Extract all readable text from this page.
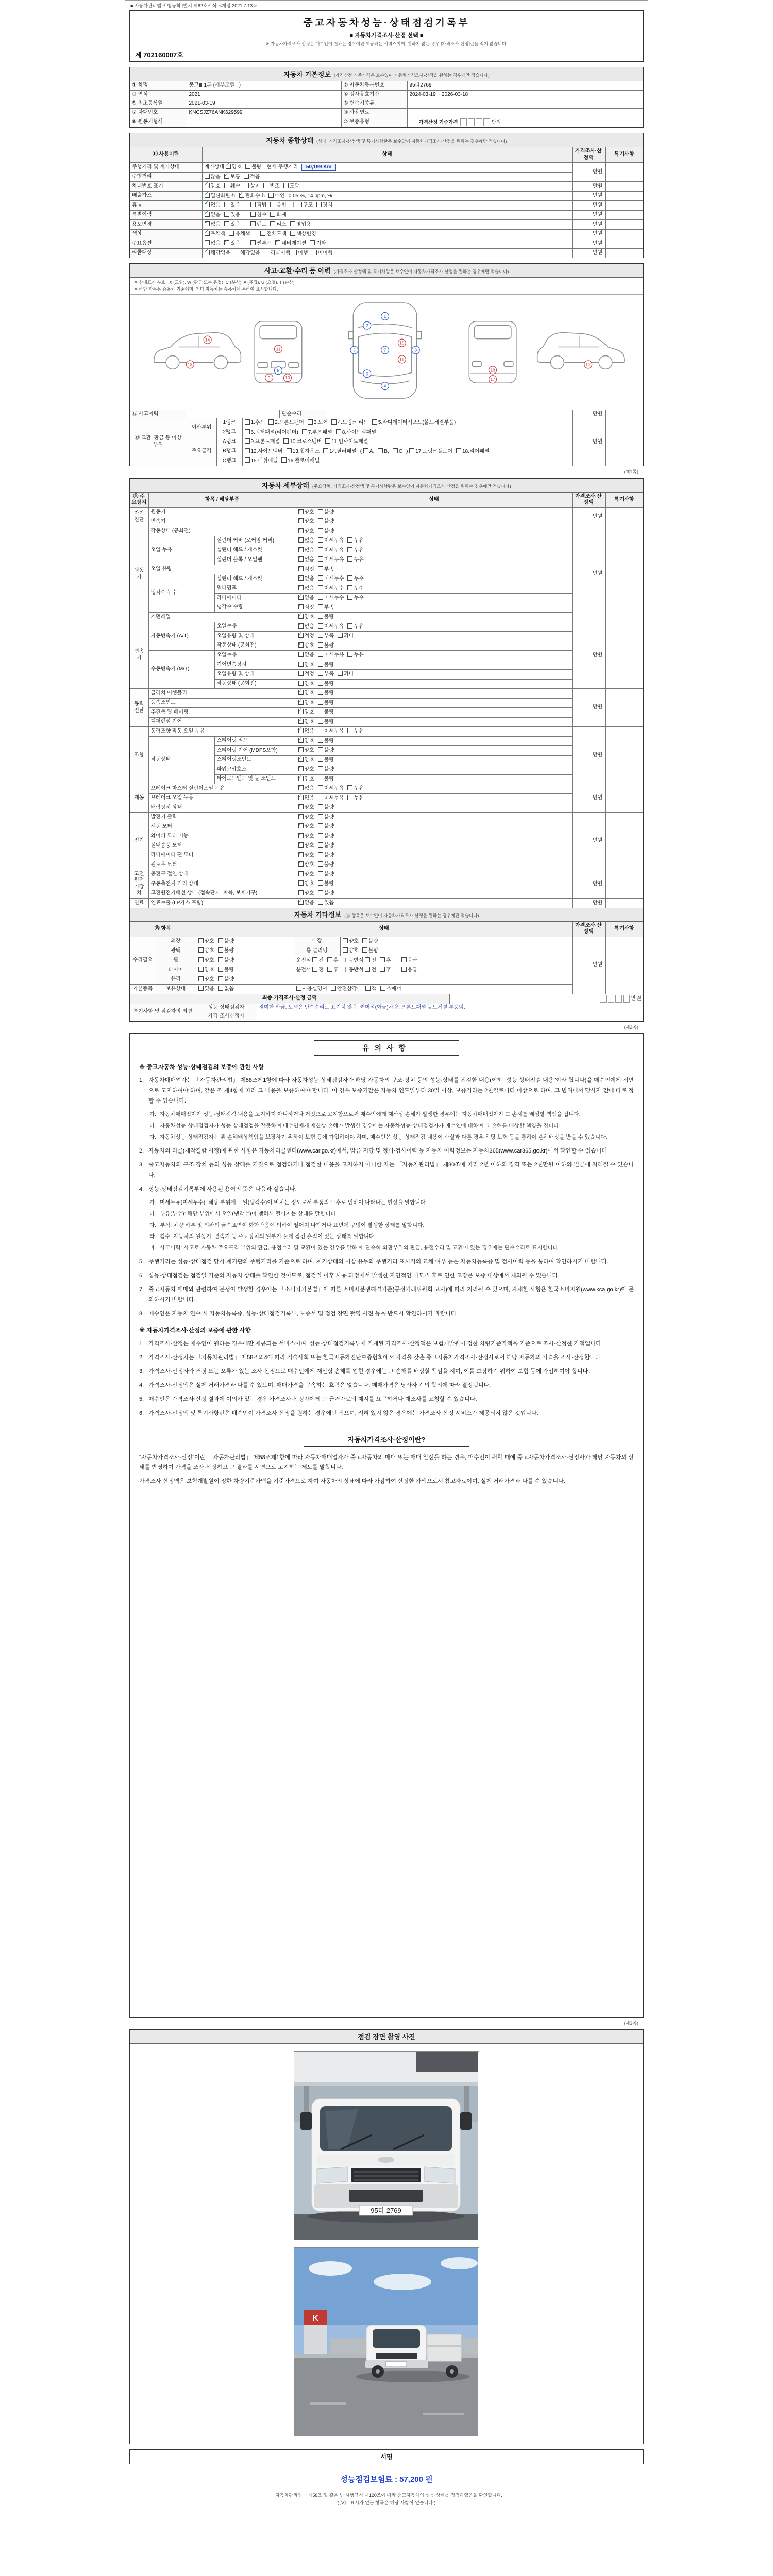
■ 자동차관리법 시행규칙 [별지 제82호서식] <개정 2021.7.13.>
중고자동차성능·상태점검기록부
■ 자동차가격조사·산정 선택 ■
※ 자동차가격조사·산정은 매수인이 원하는 경우에만 제공하는 서비스이며, 원하지 않는 경우 [가격조사·산정]란을 적지 않습니다.
제 702160007호
자동차 기본정보 (가격산정 기준가격은 보수없이 자동차가격조사·산정을 원하는 경우에만 적습니다)
① 차명	봉고Ⅲ 1톤 (세부모델 : )	② 자동차등록번호	95타2769
③ 연식	2021	④ 검사유효기간	2024-03-19 ~ 2026-03-18
⑤ 최초등록일	2021-03-19	⑥ 변속기종류	
⑦ 차대번호	KNCSJZ76ANK629599	⑧ 사용연료	
⑨ 원동기형식		⑩ 보증유형	가격산정 기준가격 만원
자동차 종합상태 (상태, 가격조사·산정액 및 특기사항란은 보수없이 자동차가격조사·산정을 원하는 경우에만 적습니다)
⑪ 사용이력	상태	가격조사·산정액	특기사항
주행거리 및 계기상태	계기상태 ✓ 양호 불량 현재 주행거리 50,199 Km	만원	
주행거리	많음 ✓ 보통 적음
차대번호 표기	✓양호 훼손 상이 변조 도말	만원	
배출가스	✓일산화탄소 ✓ 탄화수소 매연 0.05 %, 14 ppm, %	만원	
튜닝	✓없음 있음 적법 불법 구조 장치	만원	
특별이력	✓없음 있음 침수 화재	만원	
용도변경	✓없음 있음 렌트 리스 영업용	만원	
색상	✓무채색 유채색 전체도색 색상변경	만원	
주요옵션	없음 ✓ 있음 썬루프 ✓ 네비게이션 기타	만원	
리콜대상	✓해당없음 해당있음 리콜이행 이행 미이행	만원	
사고·교환·수리 등 이력 (가격조사·산정액 및 특기사항은 보수없이 자동차가격조사·산정을 원하는 경우에만 적습니다)
※ 상태표시 부호 : X (교환), W (판금 또는 용접), C (부식), A (흠집), U (요철), T (손상)
※ 하단 항목은 승용차 기준이며, 기타 자동차는 승용차에 준하여 표시합니다.
1
2
3
4
5
6
7	8
9	10
11
12
13
14
15
16
17
18
⑫ 사고이력		단순수리		만원	
⑬ 교환, 판금 등 이상 부위	외판부위	1랭크	1.후드 2.프론트펜더 3.도어 4.트렁크 리드 5.라디에이터서포트(볼트체결부품)	만원	
		2랭크	6.쿼터패널(리어펜더) 7.루프패널 8.사이드실패널		
	주요골격	A랭크	9.프론트패널 10.크로스멤버 11.인사이드패널		
		B랭크	12.사이드멤버 13.휠하우스 14.필러패널 ( A, B, C ) 17.트렁크플로어 18.리어패널		
		C랭크	15.대쉬패널 16.플로어패널		
(제1쪽)
자동차 세부상태 (주요장치, 가격조사·산정액 및 특기사항란은 보수없이 자동차가격조사·산정을 원하는 경우에만 적습니다)
⑭ 주요장치	항목 / 해당부품		상태	가격조사·산정액	특기사항
자기진단	원동기	✓양호 불량	만원	
	변속기	✓양호 불량
원동기	작동상태 (공회전)	✓양호 불량	만원	
	오일 누유	실린더 커버 (로커암 커버)	✓없음 미세누유 누유
		실린더 헤드 / 개스킷	✓없음 미세누유 누유
		실린더 블록 / 오일팬	✓없음 미세누유 누유
	오일 유량	✓적정 부족
	냉각수 누수	실린더 헤드 / 개스킷	✓없음 미세누수 누수
		워터펌프	✓없음 미세누수 누수
		라디에이터	✓없음 미세누수 누수
		냉각수 수량	✓적정 부족
	커먼레일	✓양호 불량
변속기	자동변속기 (A/T)	오일누유	✓없음 미세누유 누유	만원	
		오일유량 및 상태	✓적정 부족 과다
		작동상태 (공회전)	✓양호 불량
	수동변속기 (M/T)	오일누유	없음 미세누유 누유		
		기어변속장치	양호 불량		
		오일유량 및 상태	적정 부족 과다		
		작동상태 (공회전)	양호 불량		
동력전달	클러치 어셈블리	✓양호 불량	만원	
	등속조인트	✓양호 불량
	추진축 및 베어링	✓양호 불량
	디퍼렌셜 기어	✓양호 불량
조향	동력조향 작동 오일 누유	✓없음 미세누유 누유	만원	
	작동상태	스티어링 펌프	✓양호 불량
		스티어링 기어 (MDPS포함)	✓양호 불량
		스티어링조인트	✓양호 불량
		파워고압호스	✓양호 불량
		타이로드엔드 및 볼 조인트	✓양호 불량
제동	브레이크 마스터 실린더오일 누유	✓없음 미세누유 누유	만원	
	브레이크 오일 누유	✓없음 미세누유 누유
	배력장치 상태	✓양호 불량
전기	발전기 출력	✓양호 불량	만원	
	시동 모터	✓양호 불량
	와이퍼 모터 기능	✓양호 불량
	실내송풍 모터	✓양호 불량
	라디에이터 팬 모터	✓양호 불량
	윈도우 모터	✓양호 불량
고전원전기장치	충전구 절연 상태		양호 불량	만원	
	구동축전지 격리 상태		양호 불량		
	고전원전기배선 상태 (접속단자, 피복, 보호기구)		양호 불량		
연료	연료누출 (LP가스 포함)	✓없음 있음	만원	
자동차 기타정보 (⑮ 항목은 보수없이 자동차가격조사·산정을 원하는 경우에만 적습니다)
⑮ 항목		상태			가격조사·산정액	특기사항
수리필요	외장	양호 불량	내장	양호 불량	만원	
	광택	양호 불량	룸 클리닝	양호 불량		
	휠	양호 불량	운전석 전 후 동반석 전 후 응급			
	타이어	양호 불량	운전석 전 후 동반석 전 후 응급			
	유리	양호 불량				
기본품목	보유상태	있음 없음	사용설명서 안전삼각대 잭 스패너			
최종 가격조사·산정 금액	만원
특기사항 및 점검자의 의견	성능·상태점검자	경미한 판금, 도색은 단순수리로 표기치 않음. 커머셜(화물)차량. 프론트패널 볼트체결 부품임.
	가격·조사산정자	
(제2쪽)
유의사항
※ 중고자동차 성능·상태점검의 보증에 관한 사항
1. 자동차매매업자는 「자동차관리법」 제58조제1항에 따라 자동차성능·상태점검자가 해당 자동차의 구조·장치 등의 성능·상태를 점검한 내용(이하 "성능·상태점검 내용"이라 합니다)을 매수인에게 서면으로 고지하여야 하며, 같은 조 제4항에 따라 그 내용을 보증하여야 합니다. 이 경우 보증기간은 자동차 인도일부터 30일 이상, 보증거리는 2천킬로미터 이상으로 하며, 그 범위에서 당사자 간에 따로 정할 수 있습니다.
가. 자동차매매업자가 성능·상태점검 내용을 고지하지 아니하거나 거짓으로 고지함으로써 매수인에게 재산상 손해가 발생한 경우에는 자동차매매업자가 그 손해를 배상할 책임을 집니다.
나. 자동차성능·상태점검자가 성능·상태점검을 잘못하여 매수인에게 재산상 손해가 발생한 경우에는 자동차성능·상태점검자가 매수인에 대하여 그 손해를 배상할 책임을 집니다.
다. 자동차성능·상태점검자는 위 손해배상책임을 보장하기 위하여 보험 등에 가입하여야 하며, 매수인은 성능·상태점검 내용이 사실과 다른 경우 해당 보험 등을 통하여 손해배상을 받을 수 있습니다.
2. 자동차의 리콜(제작결함 시정)에 관한 사항은 자동차리콜센터(www.car.go.kr)에서, 압류·저당 및 정비·검사이력 등 자동차 이력정보는 자동차365(www.car365.go.kr)에서 확인할 수 있습니다.
3. 중고자동차의 구조·장치 등의 성능·상태를 거짓으로 점검하거나 점검한 내용을 고지하지 아니한 자는 「자동차관리법」 제80조에 따라 2년 이하의 징역 또는 2천만원 이하의 벌금에 처해질 수 있습니다.
4. 성능·상태점검기록부에 사용된 용어의 뜻은 다음과 같습니다.
가. 미세누유(미세누수): 해당 부위에 오일(냉각수)이 비치는 정도로서 부품의 노후로 인하여 나타나는 현상을 말합니다.
나. 누유(누수): 해당 부위에서 오일(냉각수)이 맺혀서 떨어지는 상태를 말합니다.
다. 부식: 차량 하부 및 외판의 금속표면이 화학반응에 의하여 떨어져 나가거나 표면에 구멍이 발생한 상태를 말합니다.
라. 침수: 자동차의 원동기, 변속기 등 주요장치의 일부가 물에 잠긴 흔적이 있는 상태를 말합니다.
마. 사고이력: 사고로 자동차 주요골격 부위의 판금, 용접수리 및 교환이 있는 경우를 말하며, 단순히 외판부위의 판금, 용접수리 및 교환이 있는 경우에는 단순수리로 표시합니다.
5. 주행거리는 성능·상태점검 당시 계기판의 주행거리를 기준으로 하며, 계기상태의 이상 유무와 주행거리 표시기의 교체 여부 등은 자동차등록증 및 검사이력 등을 통하여 확인하시기 바랍니다.
6. 성능·상태점검은 점검일 기준의 자동차 상태를 확인한 것이므로, 점검일 이후 사용 과정에서 발생한 자연적인 마모·노후로 인한 고장은 보증 대상에서 제외될 수 있습니다.
7. 중고자동차 매매와 관련하여 분쟁이 발생한 경우에는 「소비자기본법」에 따른 소비자분쟁해결기준(공정거래위원회 고시)에 따라 처리될 수 있으며, 자세한 사항은 한국소비자원(www.kca.go.kr)에 문의하시기 바랍니다.
8. 매수인은 자동차 인수 시 자동차등록증, 성능·상태점검기록부, 보증서 및 점검 장면 촬영 사진 등을 반드시 확인하시기 바랍니다.
※ 자동차가격조사·산정의 보증에 관한 사항
1. 가격조사·산정은 매수인이 원하는 경우에만 제공되는 서비스이며, 성능·상태점검기록부에 기재된 가격조사·산정액은 보험개발원이 정한 차량기준가액을 기준으로 조사·산정한 가액입니다.
2. 가격조사·산정자는 「자동차관리법」 제58조의4에 따라 기술사회 또는 한국자동차진단보증협회에서 자격을 갖춘 중고자동차가격조사·산정사로서 해당 자동차의 가격을 조사·산정합니다.
3. 가격조사·산정자가 거짓 또는 오류가 있는 조사·산정으로 매수인에게 재산상 손해를 입힌 경우에는 그 손해를 배상할 책임을 지며, 이를 보장하기 위하여 보험 등에 가입하여야 합니다.
4. 가격조사·산정액은 실제 거래가격과 다를 수 있으며, 매매가격을 구속하는 효력은 없습니다. 매매가격은 당사자 간의 합의에 따라 결정됩니다.
5. 매수인은 가격조사·산정 결과에 이의가 있는 경우 가격조사·산정자에게 그 근거자료의 제시를 요구하거나 재조사를 요청할 수 있습니다.
6. 가격조사·산정액 및 특기사항란은 매수인이 가격조사·산정을 원하는 경우에만 적으며, 적혀 있지 않은 경우에는 가격조사·산정 서비스가 제공되지 않은 것입니다.
자동차가격조사·산정이란?

"자동차가격조사·산정"이란 「자동차관리법」 제58조제1항에 따라 자동차매매업자가 중고자동차의 매매 또는 매매 알선을 하는 경우, 매수인이 원할 때에 중고자동차가격조사·산정사가 해당 자동차의 상태를 반영하여 가격을 조사·산정하고 그 결과를 서면으로 고지하는 제도를 말합니다.

가격조사·산정액은 보험개발원이 정한 차량기준가액을 기준가격으로 하여 자동차의 상태에 따라 가감하여 산정한 가액으로서 참고자료이며, 실제 거래가격과 다를 수 있습니다.

(제3쪽)
점검 장면 촬영 사진
95타 2769
K
서명
성능점검보험료 : 57,200 원
「자동차관리법」 제58조 및 같은 법 시행규칙 제120조에 따라 중고자동차의 성능·상태를 점검하였음을 확인합니다.
(〔V〕 표시가 없는 항목은 해당 사항이 없습니다.)
